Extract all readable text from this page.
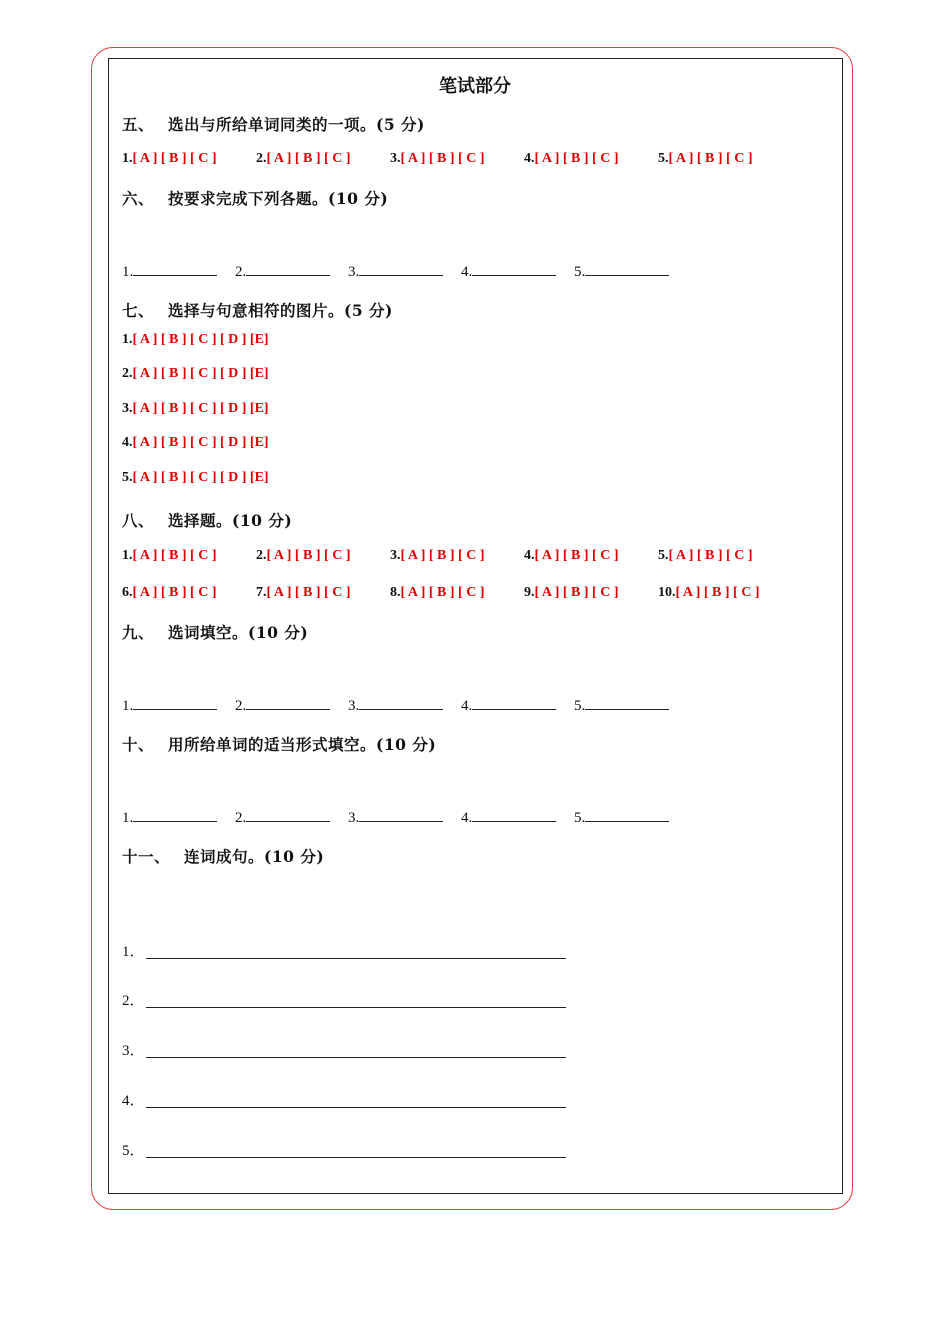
笔试部分
五、 选出与所给单词同类的一项。(5 分)
1.[ A ] [ B ] [ C ]	2.[ A ] [ B ] [ C ]	3.[ A ] [ B ] [ C ]	4.[ A ] [ B ] [ C ]	5.[ A ] [ B ] [ C ]
六、 按要求完成下列各题。(10 分)
1.	2.	3.	4.	5.
七、 选择与句意相符的图片。(5 分)
1.[ A ] [ B ] [ C ] [ D ] [E]
2.[ A ] [ B ] [ C ] [ D ] [E]
3.[ A ] [ B ] [ C ] [ D ] [E]
4.[ A ] [ B ] [ C ] [ D ] [E]
5.[ A ] [ B ] [ C ] [ D ] [E]
八、 选择题。(10 分)
1.[ A ] [ B ] [ C ]	2.[ A ] [ B ] [ C ]	3.[ A ] [ B ] [ C ]	4.[ A ] [ B ] [ C ]	5.[ A ] [ B ] [ C ]
6.[ A ] [ B ] [ C ]	7.[ A ] [ B ] [ C ]	8.[ A ] [ B ] [ C ]	9.[ A ] [ B ] [ C ]	10.[ A ] [ B ] [ C ]
九、 选词填空。(10 分)
1.	2.	3.	4.	5.
十、 用所给单词的适当形式填空。(10 分)
1.	2.	3.	4.	5.
十一、 连词成句。(10 分)
1．
2．
3．
4．
5．
